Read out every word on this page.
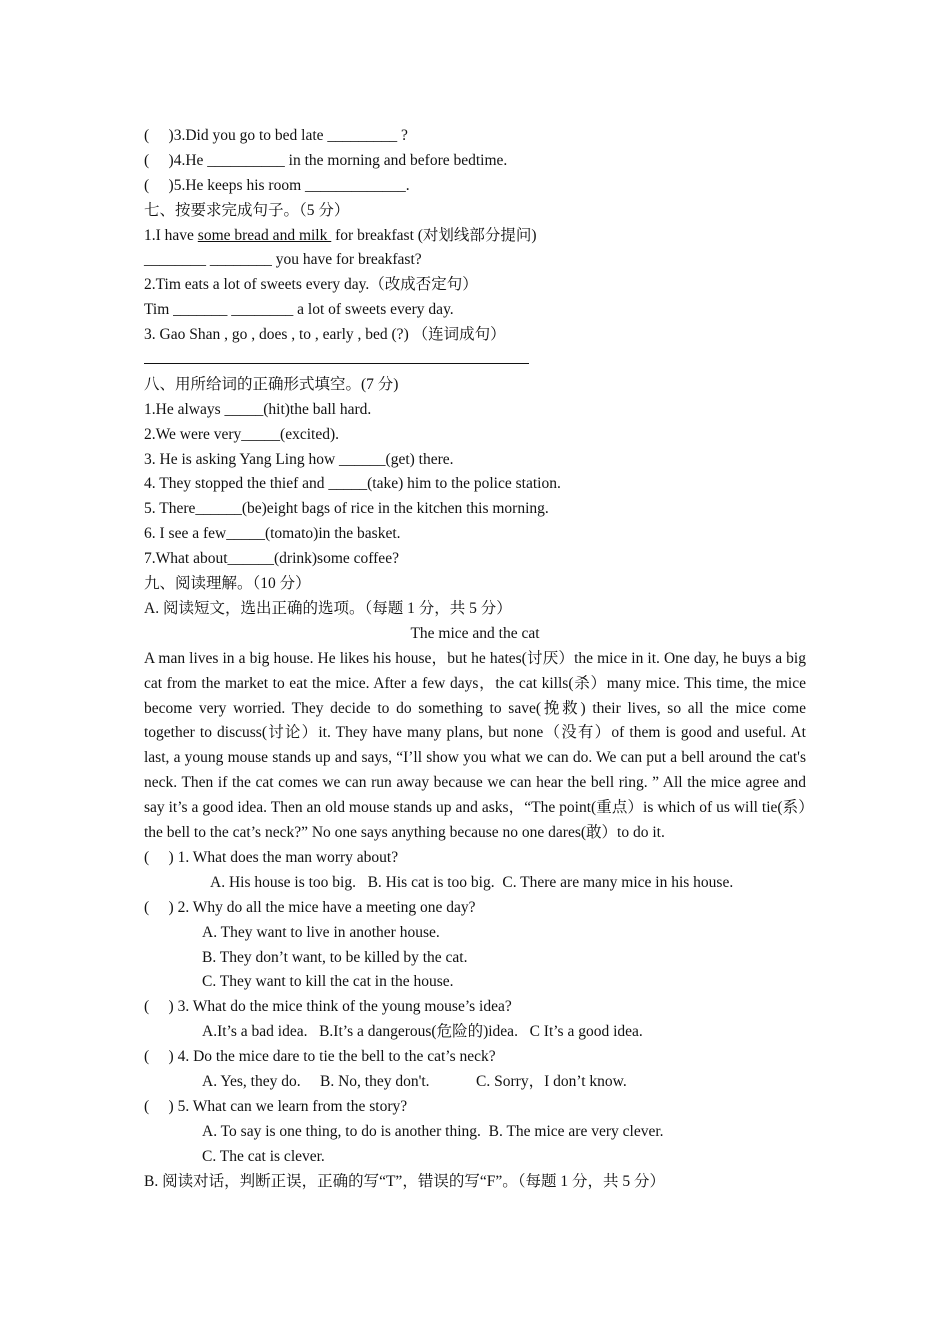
(     )3.Did you go to bed late _________ ?
(     )4.He __________ in the morning and before bedtime.
(     )5.He keeps his room _____________.
七、按要求完成句子。（5 分）
1.I have some bread and milk  for breakfast (对划线部分提问)
________ ________ you have for breakfast?
2.Tim eats a lot of sweets every day.（改成否定句）
Tim _______ ________ a lot of sweets every day.
3. Gao Shan , go , does , to , early , bed (?) （连词成句）
八、用所给词的正确形式填空。(7 分)
1.He always _____(hit)the ball hard.
2.We were very_____(excited).
3. He is asking Yang Ling how ______(get) there.
4. They stopped the thief and _____(take) him to the police station.
5. There______(be)eight bags of rice in the kitchen this morning.
6. I see a few_____(tomato)in the basket.
7.What about______(drink)some coffee?
九、阅读理解。（10 分）
A. 阅读短文，选出正确的选项。（每题 1 分，共 5 分）
The mice and the cat
A man lives in a big house. He likes his house，but he hates(讨厌）the mice in it. One day, he buys a big cat from the market to eat the mice. After a few days，the cat kills(杀）many mice. This time, the mice become very worried. They decide to do something to save(挽救) their lives, so all the mice come together to discuss(讨论）it. They have many plans, but none（没有）of them is good and useful. At last, a young mouse stands up and says, “I’ll show you what we can do. We can put a bell around the cat's neck. Then if the cat comes we can run away because we can hear the bell ring. ” All the mice agree and say it’s a good idea. Then an old mouse stands up and asks，“The point(重点）is which of us will tie(系）the bell to the cat’s neck?” No one says anything because no one dares(敢）to do it.
(     ) 1. What does the man worry about?
A. His house is too big.   B. His cat is too big.  C. There are many mice in his house.
(     ) 2. Why do all the mice have a meeting one day?
A. They want to live in another house.
B. They don’t want, to be killed by the cat.
C. They want to kill the cat in the house.
(     ) 3. What do the mice think of the young mouse’s idea?
A.It’s a bad idea.   B.It’s a dangerous(危险的)idea.   C It’s a good idea.
(     ) 4. Do the mice dare to tie the bell to the cat’s neck?
A. Yes, they do.     B. No, they don't.            C. Sorry，I don’t know.
(     ) 5. What can we learn from the story?
A. To say is one thing, to do is another thing.  B. The mice are very clever.
C. The cat is clever.
B. 阅读对话，判断正误，正确的写“T”，错误的写“F”。（每题 1 分，共 5 分）
